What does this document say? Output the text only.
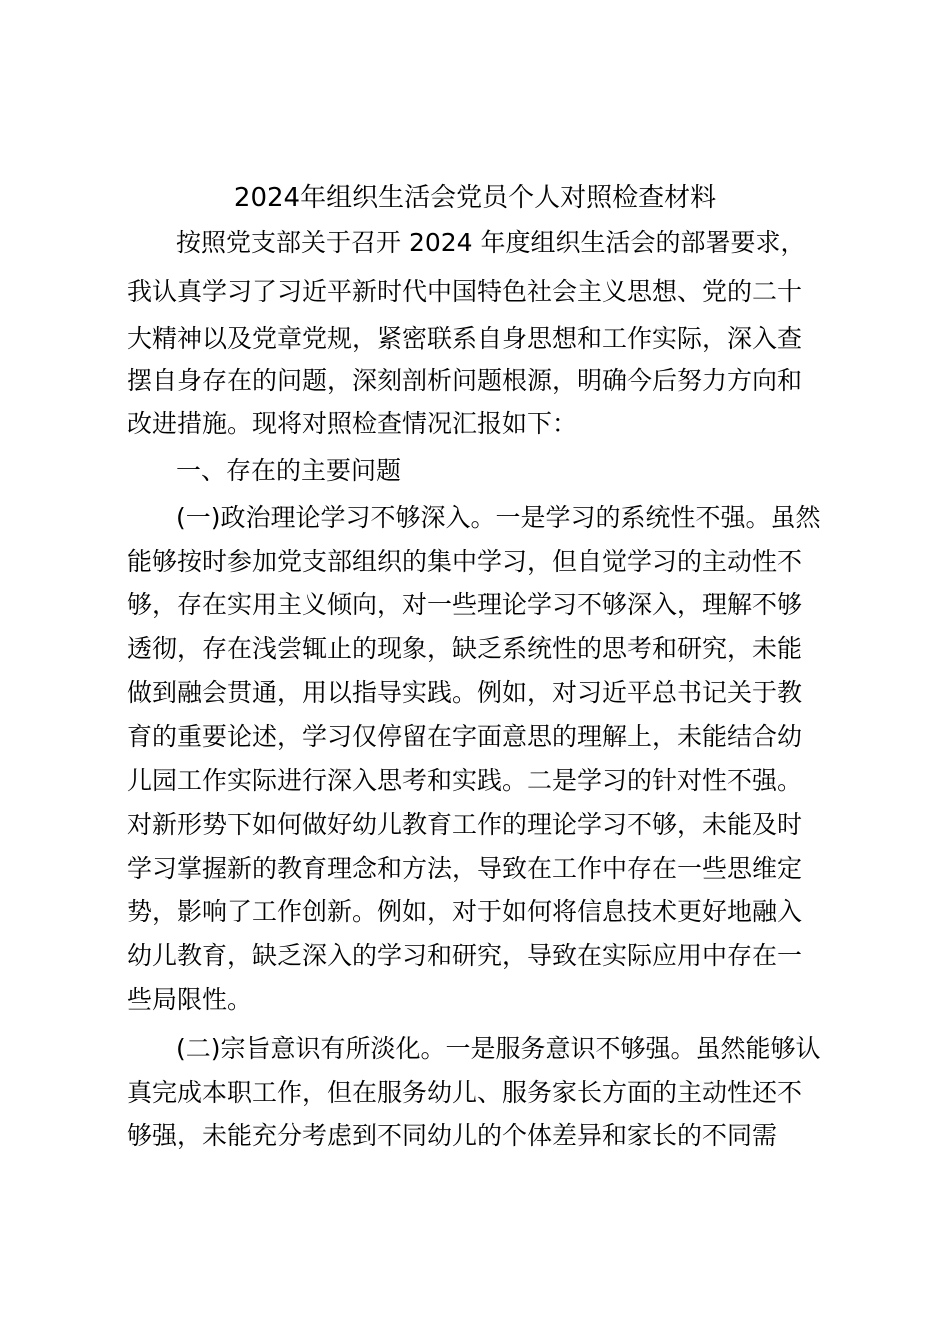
2024年组织生活会党员个人对照检查材料

按照党支部关于召开 2024 年度组织生活会的部署要求，

我认真学习了习近平新时代中国特色社会主义思想、党的二十

大精神以及党章党规，紧密联系自身思想和工作实际，深入查

摆自身存在的问题，深刻剖析问题根源，明确今后努力方向和

改进措施。现将对照检查情况汇报如下：

一、存在的主要问题

(一)政治理论学习不够深入。一是学习的系统性不强。虽然

能够按时参加党支部组织的集中学习，但自觉学习的主动性不

够，存在实用主义倾向，对一些理论学习不够深入，理解不够

透彻，存在浅尝辄止的现象，缺乏系统性的思考和研究，未能

做到融会贯通，用以指导实践。例如，对习近平总书记关于教

育的重要论述，学习仅停留在字面意思的理解上，未能结合幼

儿园工作实际进行深入思考和实践。二是学习的针对性不强。

对新形势下如何做好幼儿教育工作的理论学习不够，未能及时

学习掌握新的教育理念和方法，导致在工作中存在一些思维定

势，影响了工作创新。例如，对于如何将信息技术更好地融入

幼儿教育，缺乏深入的学习和研究，导致在实际应用中存在一

些局限性。

(二)宗旨意识有所淡化。一是服务意识不够强。虽然能够认

真完成本职工作，但在服务幼儿、服务家长方面的主动性还不

够强，未能充分考虑到不同幼儿的个体差异和家长的不同需
